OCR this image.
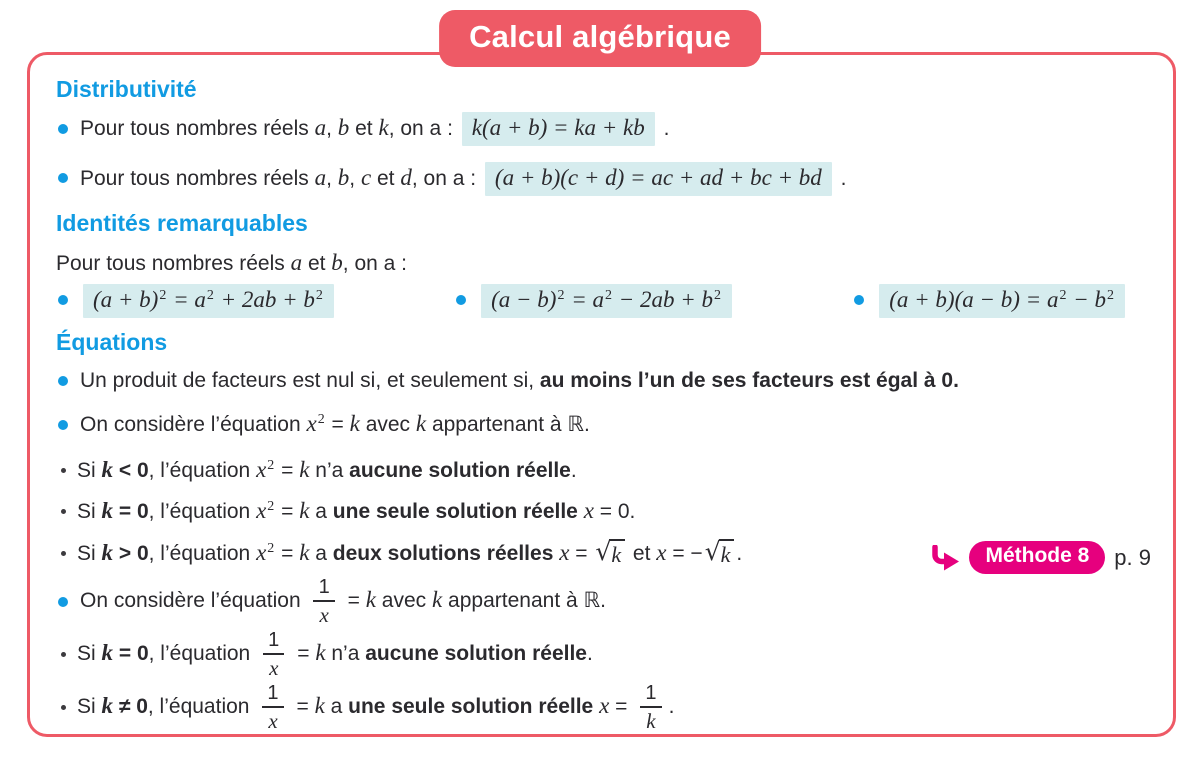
Calcul algébrique
Distributivité
Pour tous nombres réels a, b et k, on a : k(a + b) = ka + kb .
Pour tous nombres réels a, b, c et d, on a : (a + b)(c + d) = ac + ad + bc + bd .
Identités remarquables
Pour tous nombres réels a et b, on a :
$(a + b)^2 = a^2 + 2ab + b^2$	$(a - b)^2 = a^2 - 2ab + b^2$	$(a + b)(a - b) = a^2 - b^2$
Équations
Un produit de facteurs est nul si, et seulement si, au moins l’un de ses facteurs est égal à 0.
On considère l’équation $x^2 = k$ avec k appartenant à ℝ.
Si k < 0, l’équation $x^2 = k$ n’a aucune solution réelle.
Si k = 0, l’équation $x^2 = k$ a une seule solution réelle x = 0.
Si k > 0, l’équation $x^2 = k$ a deux solutions réelles x = √ k et x = − √ k .
On considère l’équation $\frac{1}{x} = k$ avec k appartenant à ℝ.
Si k = 0, l’équation $\frac{1}{x} = k$ n’a aucune solution réelle.
Si k ≠ 0, l’équation $\frac{1}{x} = k$ a une seule solution réelle $x = \frac{1}{k}$ .
Méthode 8	p. 9
